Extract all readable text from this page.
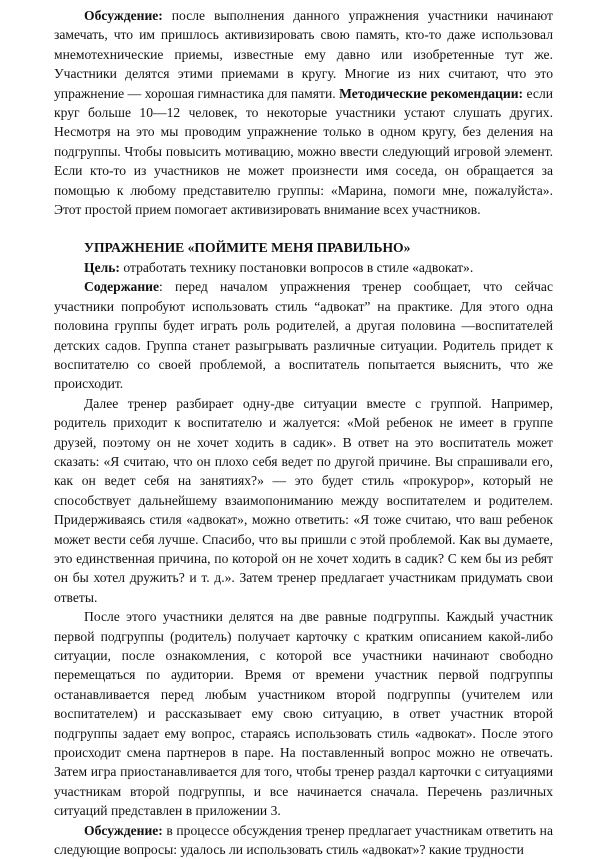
Обсуждение: после выполнения данного упражнения участники начинают замечать, что им пришлось активизировать свою память, кто-то даже использовал мнемотехнические приемы, известные ему давно или изобретенные тут же. Участники делятся этими приемами в кругу. Многие из них считают, что это упражнение — хорошая гимнастика для памяти. Методические рекомендации: если круг больше 10—12 человек, то некоторые участники устают слушать других. Несмотря на это мы проводим упражнение только в одном кругу, без деления на подгруппы. Чтобы повысить мотивацию, можно ввести следующий игровой элемент. Если кто-то из участников не может произнести имя соседа, он обращается за помощью к любому представителю группы: «Марина, помоги мне, пожалуйста». Этот простой прием помогает активизировать внимание всех участников.

УПРАЖНЕНИЕ «ПОЙМИТЕ МЕНЯ ПРАВИЛЬНО»

Цель: отработать технику постановки вопросов в стиле «адвокат».

Содержание: перед началом упражнения тренер сообщает, что сейчас участники попробуют использовать стиль “адвокат” на практике. Для этого одна половина группы будет играть роль родителей, а другая половина —воспитателей детских садов. Группа станет разыгрывать различные ситуации. Родитель придет к воспитателю со своей проблемой, а воспитатель попытается выяснить, что же происходит.

Далее тренер разбирает одну-две ситуации вместе с группой. Например, родитель приходит к воспитателю и жалуется: «Мой ребенок не имеет в группе друзей, поэтому он не хочет ходить в садик». В ответ на это воспитатель может сказать: «Я считаю, что он плохо себя ведет по другой причине. Вы спрашивали его, как он ведет себя на занятиях?» — это будет стиль «прокурор», который не способствует дальнейшему взаимопониманию между воспитателем и родителем. Придерживаясь стиля «адвокат», можно ответить: «Я тоже считаю, что ваш ребенок может вести себя лучше. Спасибо, что вы пришли с этой проблемой. Как вы думаете, это единственная причина, по которой он не хочет ходить в садик? С кем бы из ребят он бы хотел дружить? и т. д.». Затем тренер предлагает участникам придумать свои ответы.

После этого участники делятся на две равные подгруппы. Каждый участник первой подгруппы (родитель) получает карточку с кратким описанием какой-либо ситуации, после ознакомления, с которой все участники начинают свободно перемещаться по аудитории. Время от времени участник первой подгруппы останавливается перед любым участником второй подгруппы (учителем или воспитателем) и рассказывает ему свою ситуацию, в ответ участник второй подгруппы задает ему вопрос, стараясь использовать стиль «адвокат». После этого происходит смена партнеров в паре. На поставленный вопрос можно не отвечать. Затем игра приостанавливается для того, чтобы тренер раздал карточки с ситуациями участникам второй подгруппы, и все начинается сначала. Перечень различных ситуаций представлен в приложении 3.

Обсуждение: в процессе обсуждения тренер предлагает участникам ответить на следующие вопросы: удалось ли использовать стиль «адвокат»? какие трудности
